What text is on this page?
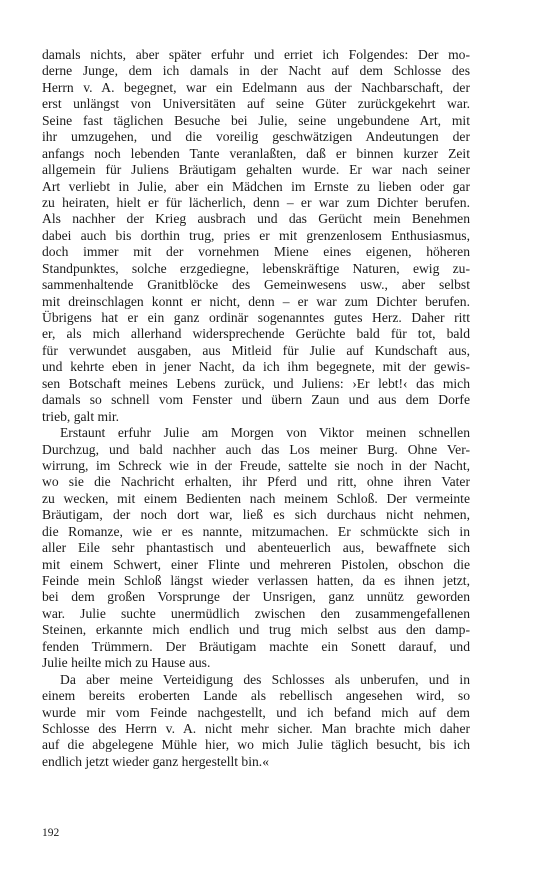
damals nichts, aber später erfuhr und erriet ich Folgendes: Der mo-
derne Junge, dem ich damals in der Nacht auf dem Schlosse des
Herrn v. A. begegnet, war ein Edelmann aus der Nachbarschaft, der
erst unlängst von Universitäten auf seine Güter zurückgekehrt war.
Seine fast täglichen Besuche bei Julie, seine ungebundene Art, mit
ihr umzugehen, und die voreilig geschwätzigen Andeutungen der
anfangs noch lebenden Tante veranlaßten, daß er binnen kurzer Zeit
allgemein für Juliens Bräutigam gehalten wurde. Er war nach seiner
Art verliebt in Julie, aber ein Mädchen im Ernste zu lieben oder gar
zu heiraten, hielt er für lächerlich, denn – er war zum Dichter berufen.
Als nachher der Krieg ausbrach und das Gerücht mein Benehmen
dabei auch bis dorthin trug, pries er mit grenzenlosem Enthusiasmus,
doch immer mit der vornehmen Miene eines eigenen, höheren
Standpunktes, solche erzgediegne, lebenskräftige Naturen, ewig zu-
sammenhaltende Granitblöcke des Gemeinwesens usw., aber selbst
mit dreinschlagen konnt er nicht, denn – er war zum Dichter berufen.
Übrigens hat er ein ganz ordinär sogenanntes gutes Herz. Daher ritt
er, als mich allerhand widersprechende Gerüchte bald für tot, bald
für verwundet ausgaben, aus Mitleid für Julie auf Kundschaft aus,
und kehrte eben in jener Nacht, da ich ihm begegnete, mit der gewis-
sen Botschaft meines Lebens zurück, und Juliens: ›Er lebt!‹ das mich
damals so schnell vom Fenster und übern Zaun und aus dem Dorfe
trieb, galt mir.
Erstaunt erfuhr Julie am Morgen von Viktor meinen schnellen
Durchzug, und bald nachher auch das Los meiner Burg. Ohne Ver-
wirrung, im Schreck wie in der Freude, sattelte sie noch in der Nacht,
wo sie die Nachricht erhalten, ihr Pferd und ritt, ohne ihren Vater
zu wecken, mit einem Bedienten nach meinem Schloß. Der vermeinte
Bräutigam, der noch dort war, ließ es sich durchaus nicht nehmen,
die Romanze, wie er es nannte, mitzumachen. Er schmückte sich in
aller Eile sehr phantastisch und abenteuerlich aus, bewaffnete sich
mit einem Schwert, einer Flinte und mehreren Pistolen, obschon die
Feinde mein Schloß längst wieder verlassen hatten, da es ihnen jetzt,
bei dem großen Vorsprunge der Unsrigen, ganz unnütz geworden
war. Julie suchte unermüdlich zwischen den zusammengefallenen
Steinen, erkannte mich endlich und trug mich selbst aus den damp-
fenden Trümmern. Der Bräutigam machte ein Sonett darauf, und
Julie heilte mich zu Hause aus.
Da aber meine Verteidigung des Schlosses als unberufen, und in
einem bereits eroberten Lande als rebellisch angesehen wird, so
wurde mir vom Feinde nachgestellt, und ich befand mich auf dem
Schlosse des Herrn v. A. nicht mehr sicher. Man brachte mich daher
auf die abgelegene Mühle hier, wo mich Julie täglich besucht, bis ich
endlich jetzt wieder ganz hergestellt bin.«
192
